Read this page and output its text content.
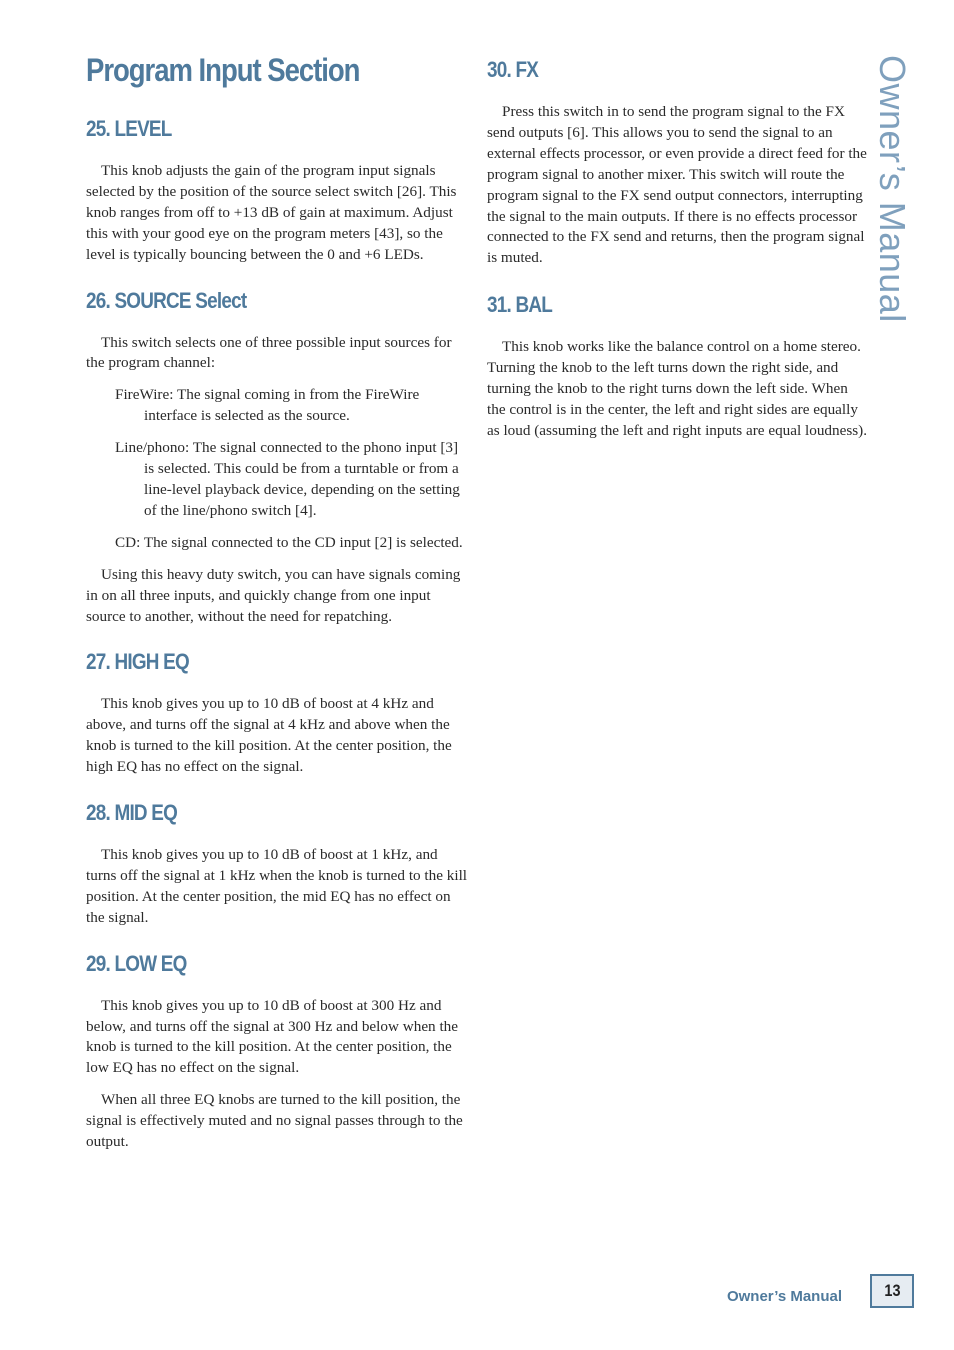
Program Input Section	Owner’s Manual
25. LEVEL

This knob adjusts the gain of the program input signals selected by the position of the source select switch [26]. This knob ranges from off to +13 dB of gain at maximum. Adjust this with your good eye on the program meters [43], so the level is typically bouncing between the 0 and +6 LEDs.

26. SOURCE Select

This switch selects one of three possible input sources for the program channel:

FireWire: The signal coming in from the FireWire interface is selected as the source.

Line/phono: The signal connected to the phono input [3] is selected. This could be from a turntable or from a line-level playback device, depending on the setting of the line/phono switch [4].

CD: The signal connected to the CD input [2] is selected.

Using this heavy duty switch, you can have signals coming in on all three inputs, and quickly change from one input source to another, without the need for repatching.

27. HIGH EQ

This knob gives you up to 10 dB of boost at 4 kHz and above, and turns off the signal at 4 kHz and above when the knob is turned to the kill position. At the center position, the high EQ has no effect on the signal.

28. MID EQ

This knob gives you up to 10 dB of boost at 1 kHz, and turns off the signal at 1 kHz when the knob is turned to the kill position. At the center position, the mid EQ has no effect on the signal.

29. LOW EQ

This knob gives you up to 10 dB of boost at 300 Hz and below, and turns off the signal at 300 Hz and below when the knob is turned to the kill position. At the center position, the low EQ has no effect on the signal.

When all three EQ knobs are turned to the kill position, the signal is effectively muted and no signal passes through to the output.

30. FX

Press this switch in to send the program signal to the FX send outputs [6]. This allows you to send the signal to an external effects processor, or even provide a direct feed for the program signal to another mixer. This switch will route the program signal to the FX send output connectors, interrupting the signal to the main outputs. If there is no effects processor connected to the FX send and returns, then the program signal is muted.

31. BAL

This knob works like the balance control on a home stereo. Turning the knob to the left turns down the right side, and turning the knob to the right turns down the left side. When the control is in the center, the left and right sides are equally as loud (assuming the left and right inputs are equal loudness).

Owner’s Manual 13
